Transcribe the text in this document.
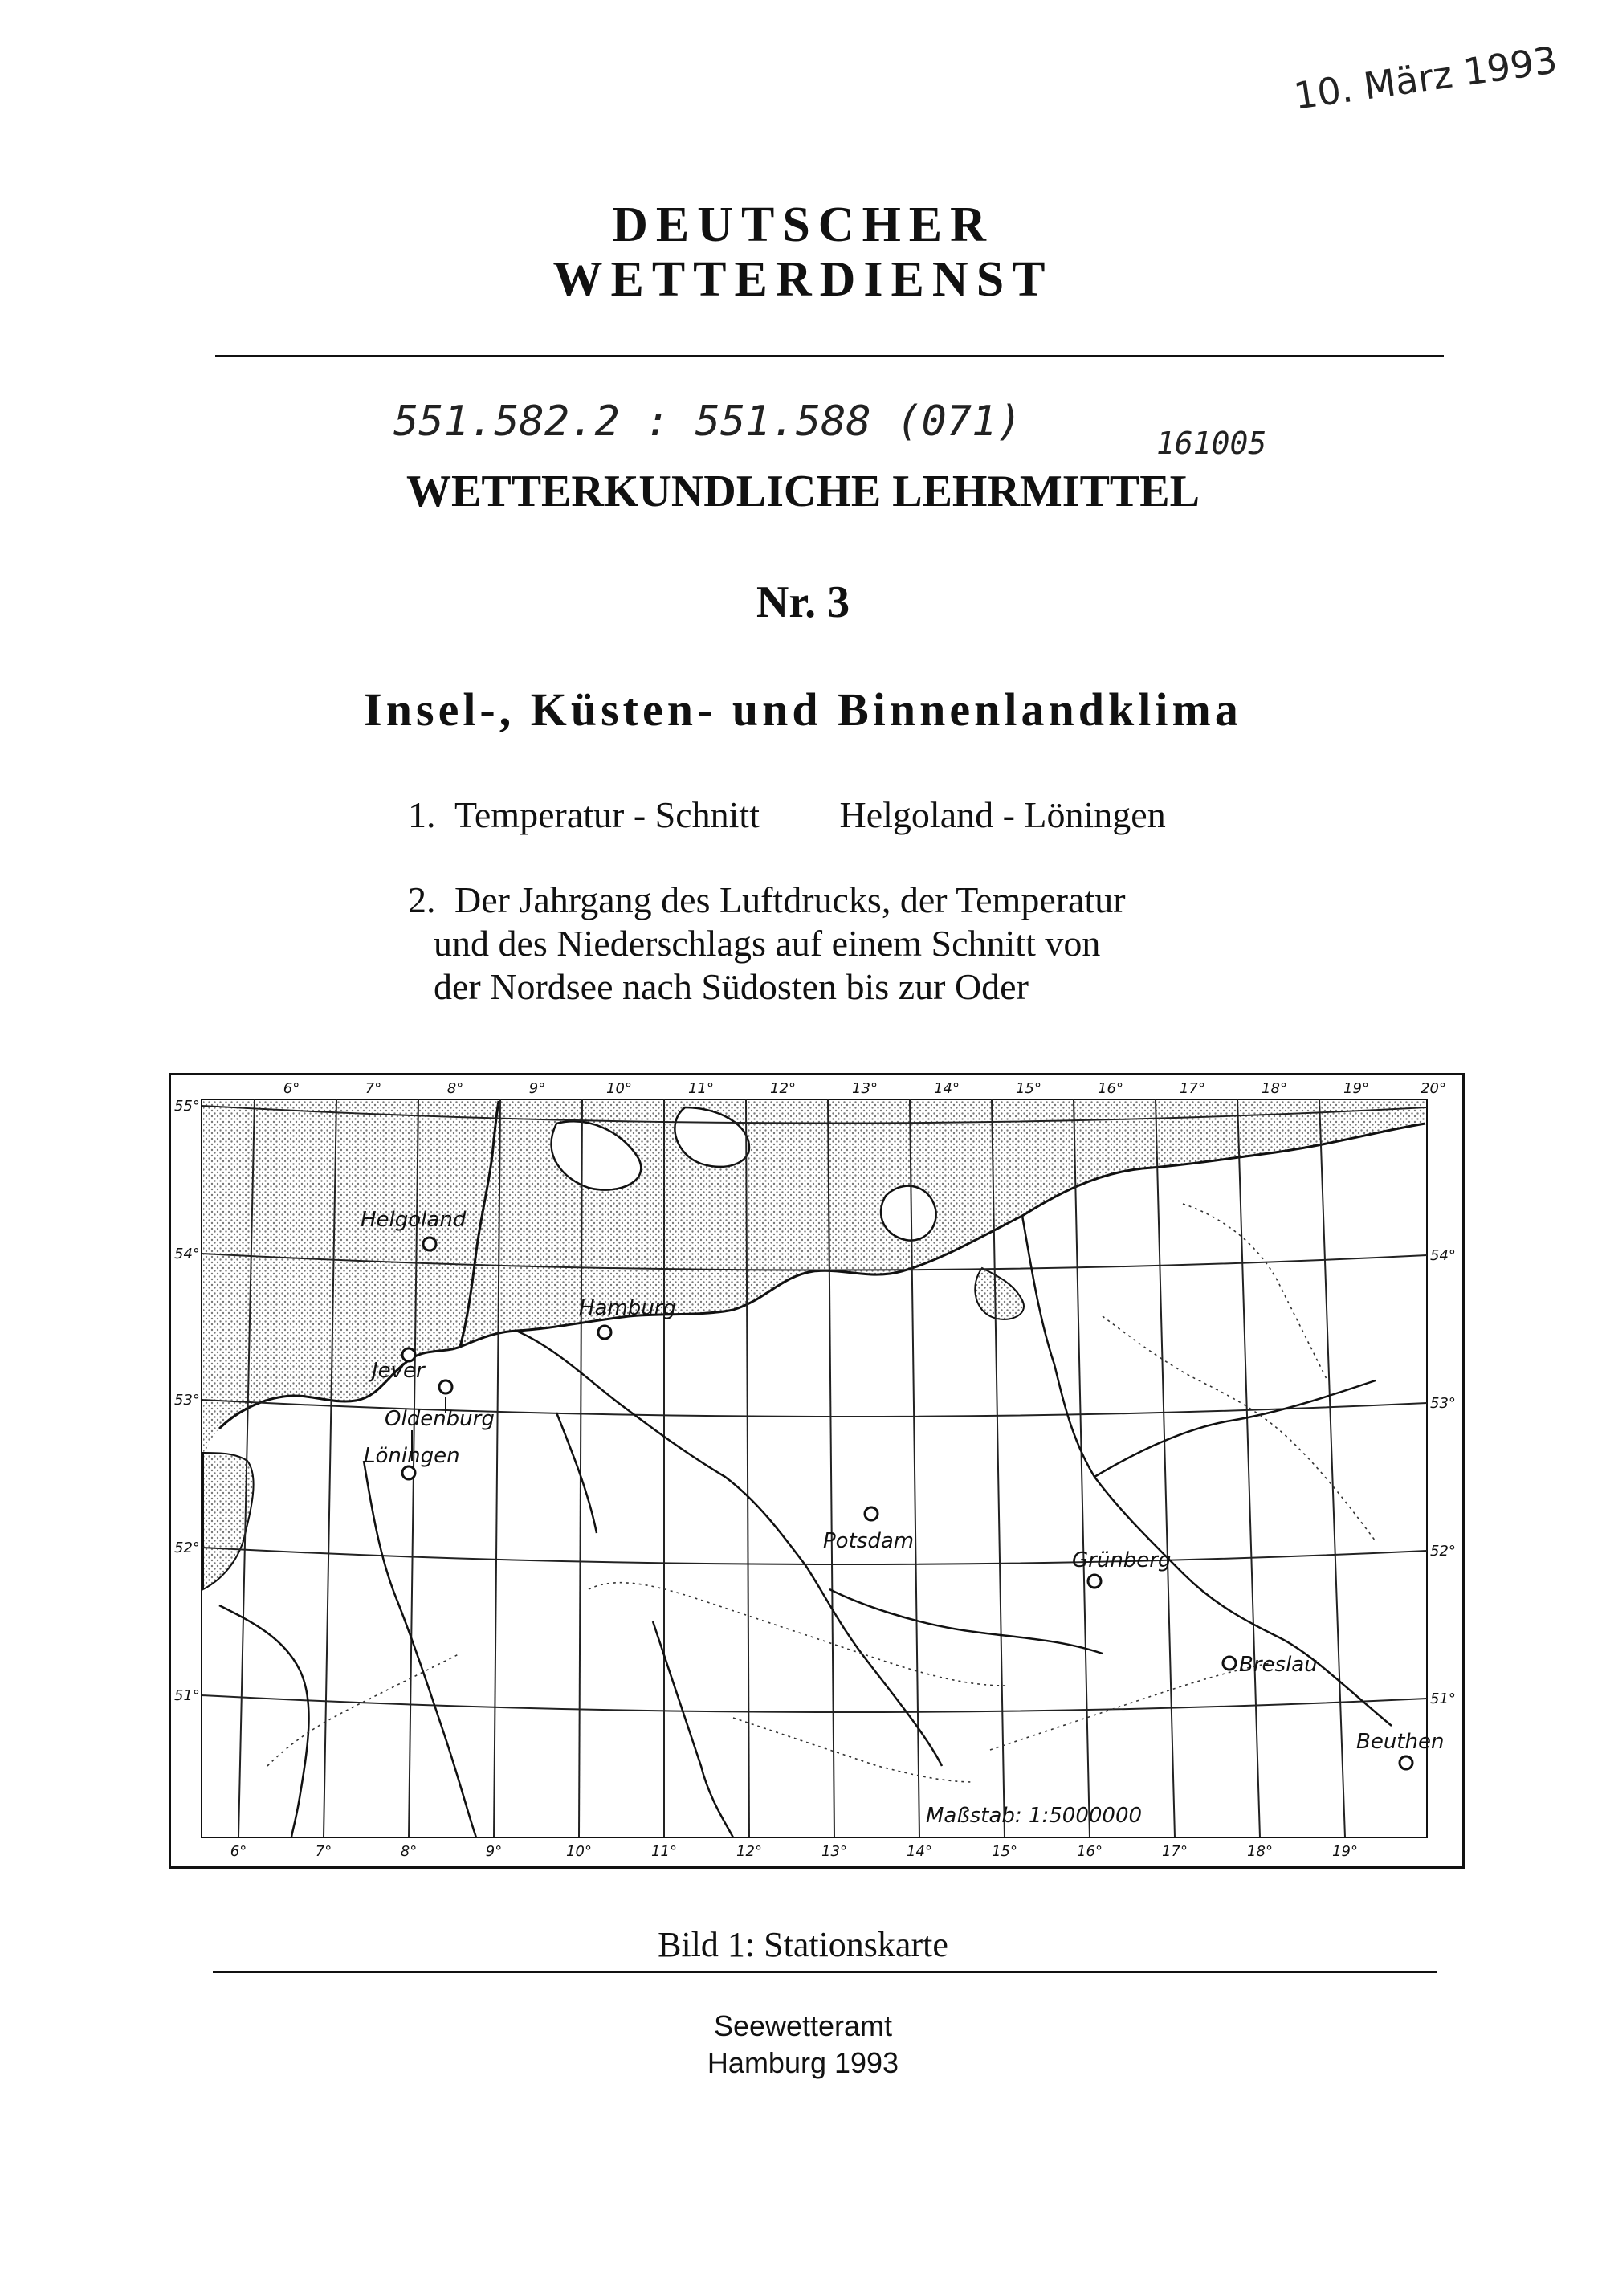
10. März 1993
DEUTSCHER
WETTERDIENST
551.582.2 : 551.588 (071)	161005
WETTERKUNDLICHE LEHRMITTEL
Nr. 3
Insel-, Küsten- und Binnenlandklima
1. Temperatur - Schnitt Helgoland - Löningen
2. Der Jahrgang des Luftdrucks, der Temperatur
und des Niederschlags auf einem Schnitt von
der Nordsee nach Südosten bis zur Oder
6°	7°	8°	9°	10°	11°	12°	13°	14°	15°	16°	17°	18°	19°	20°
6°	7°	8°	9°	10°	11°	12°	13°	14°	15°	16°	17°	18°	19°
55°
54°
53°
52°
51°
54°
53°
52°
51°
Helgoland
Hamburg
Jever
Oldenburg
Löningen
Potsdam
Grünberg
Breslau
Beuthen
Maßstab: 1:5000000
Bild 1: Stationskarte
Seewetteramt
Hamburg 1993
